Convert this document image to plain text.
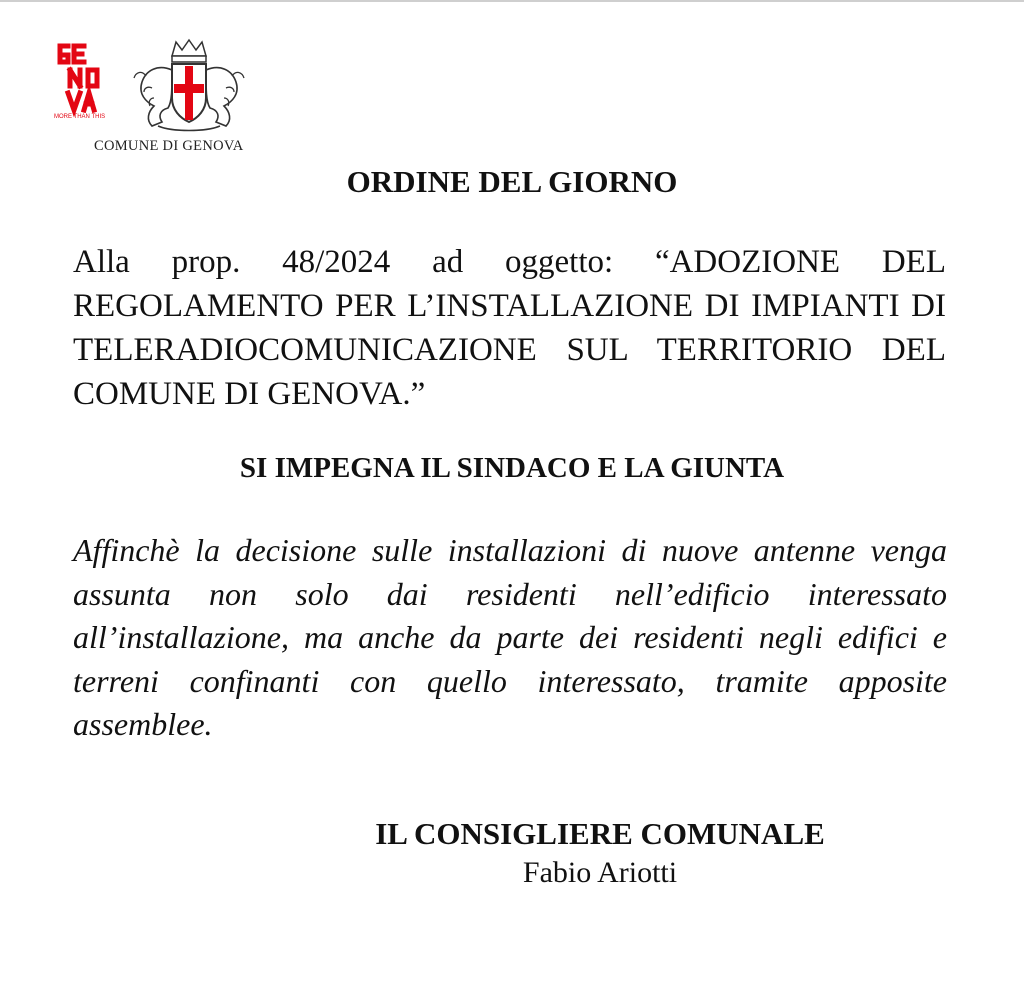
MORE THAN THIS
COMUNE DI GENOVA
ORDINE DEL GIORNO

Alla prop. 48/2024 ad oggetto: “ADOZIONE DEL REGOLAMENTO PER L’INSTALLAZIONE DI IMPIANTI DI TELERADIOCOMUNICAZIONE SUL TERRITORIO DEL COMUNE DI GENOVA.”

SI IMPEGNA IL SINDACO E LA GIUNTA

Affinchè la decisione sulle installazioni di nuove antenne venga assunta non solo dai residenti nell’edificio interessato all’installazione, ma anche da parte dei residenti negli edifici e terreni confinanti con quello interessato, tramite apposite assemblee.

IL CONSIGLIERE COMUNALE
Fabio Ariotti
